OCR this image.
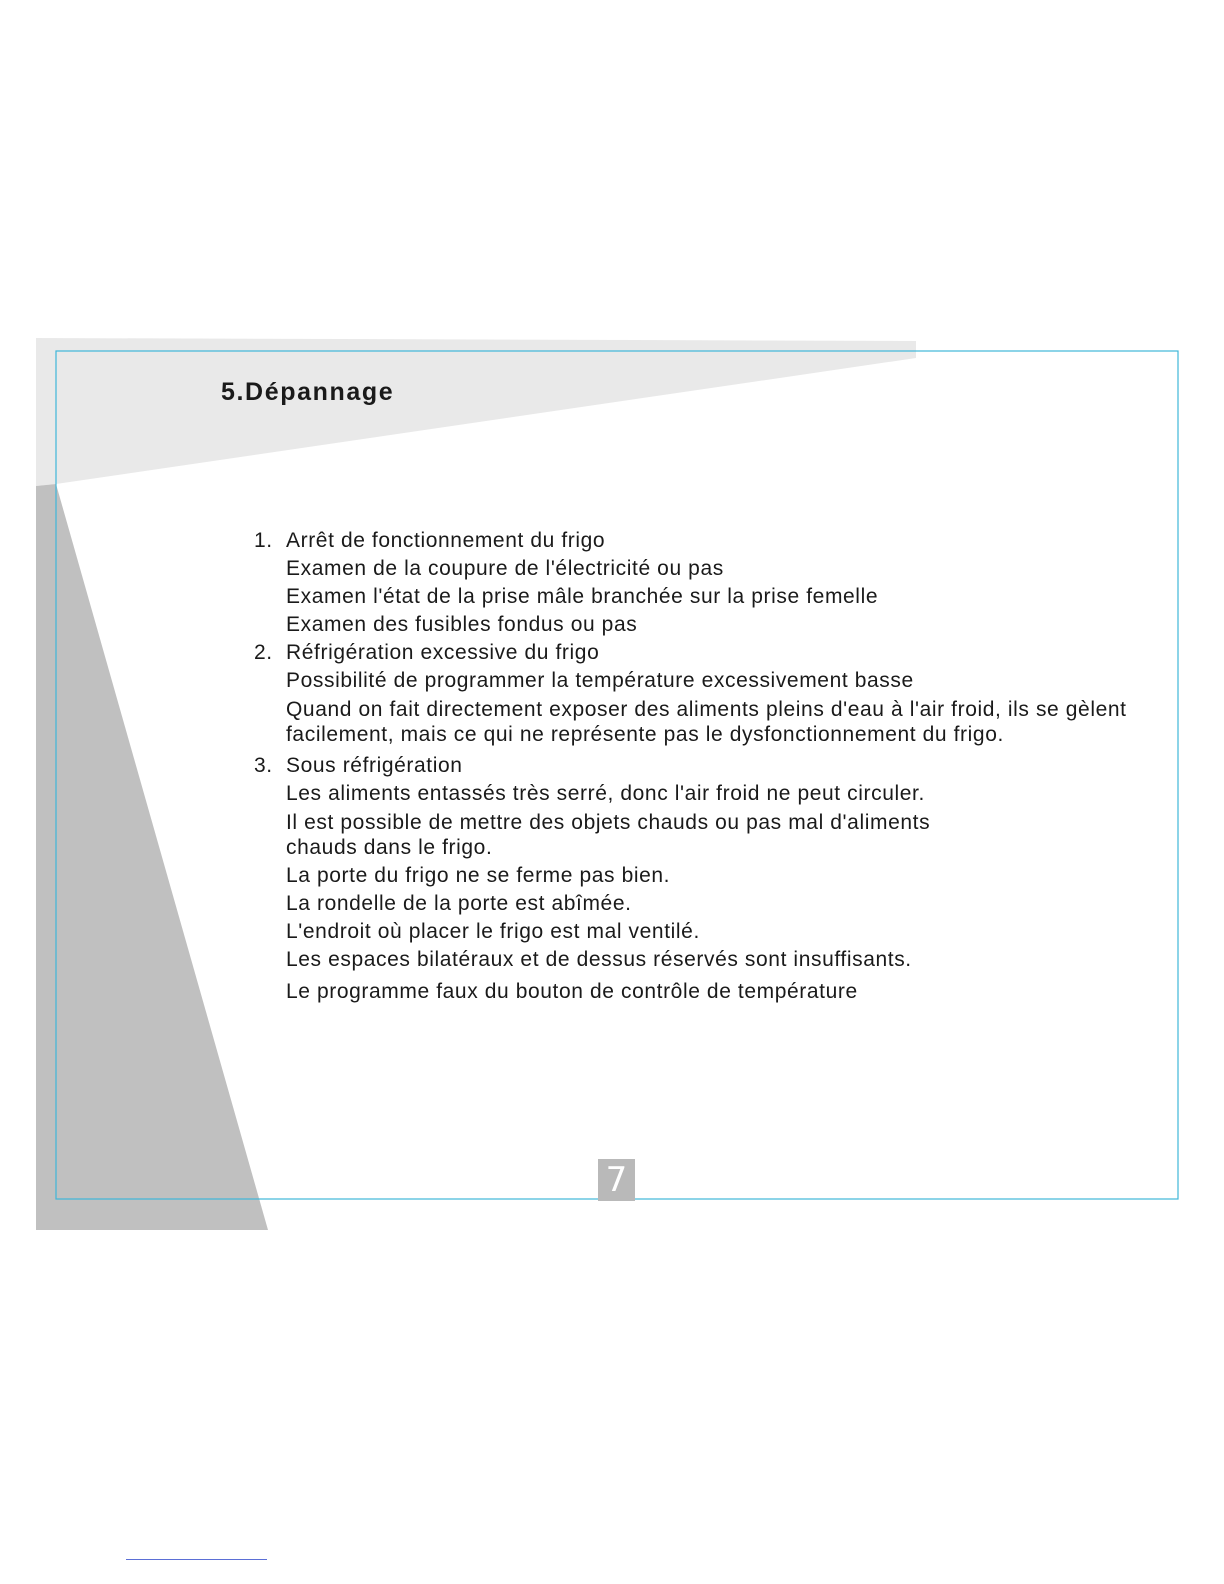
5.Dépannage
1. Arrêt de fonctionnement du frigo
Examen de la coupure de l'électricité ou pas
Examen l'état de la prise mâle branchée sur la prise femelle
Examen des fusibles fondus ou pas
2. Réfrigération excessive du frigo
Possibilité de programmer la température excessivement basse
Quand on fait directement exposer des aliments pleins d'eau à l'air froid, ils se gèlent facilement, mais ce qui ne représente pas le dysfonctionnement du frigo.
3. Sous réfrigération
Les aliments entassés très serré, donc l'air froid ne peut circuler.
Il est possible de mettre des objets chauds ou pas mal d'aliments chauds dans le frigo.
La porte du frigo ne se ferme pas bien.
La rondelle de la porte est abîmée.
L'endroit où placer le frigo est mal ventilé.
Les espaces bilatéraux et de dessus réservés sont insuffisants.
Le programme faux du bouton de contrôle de température
7
